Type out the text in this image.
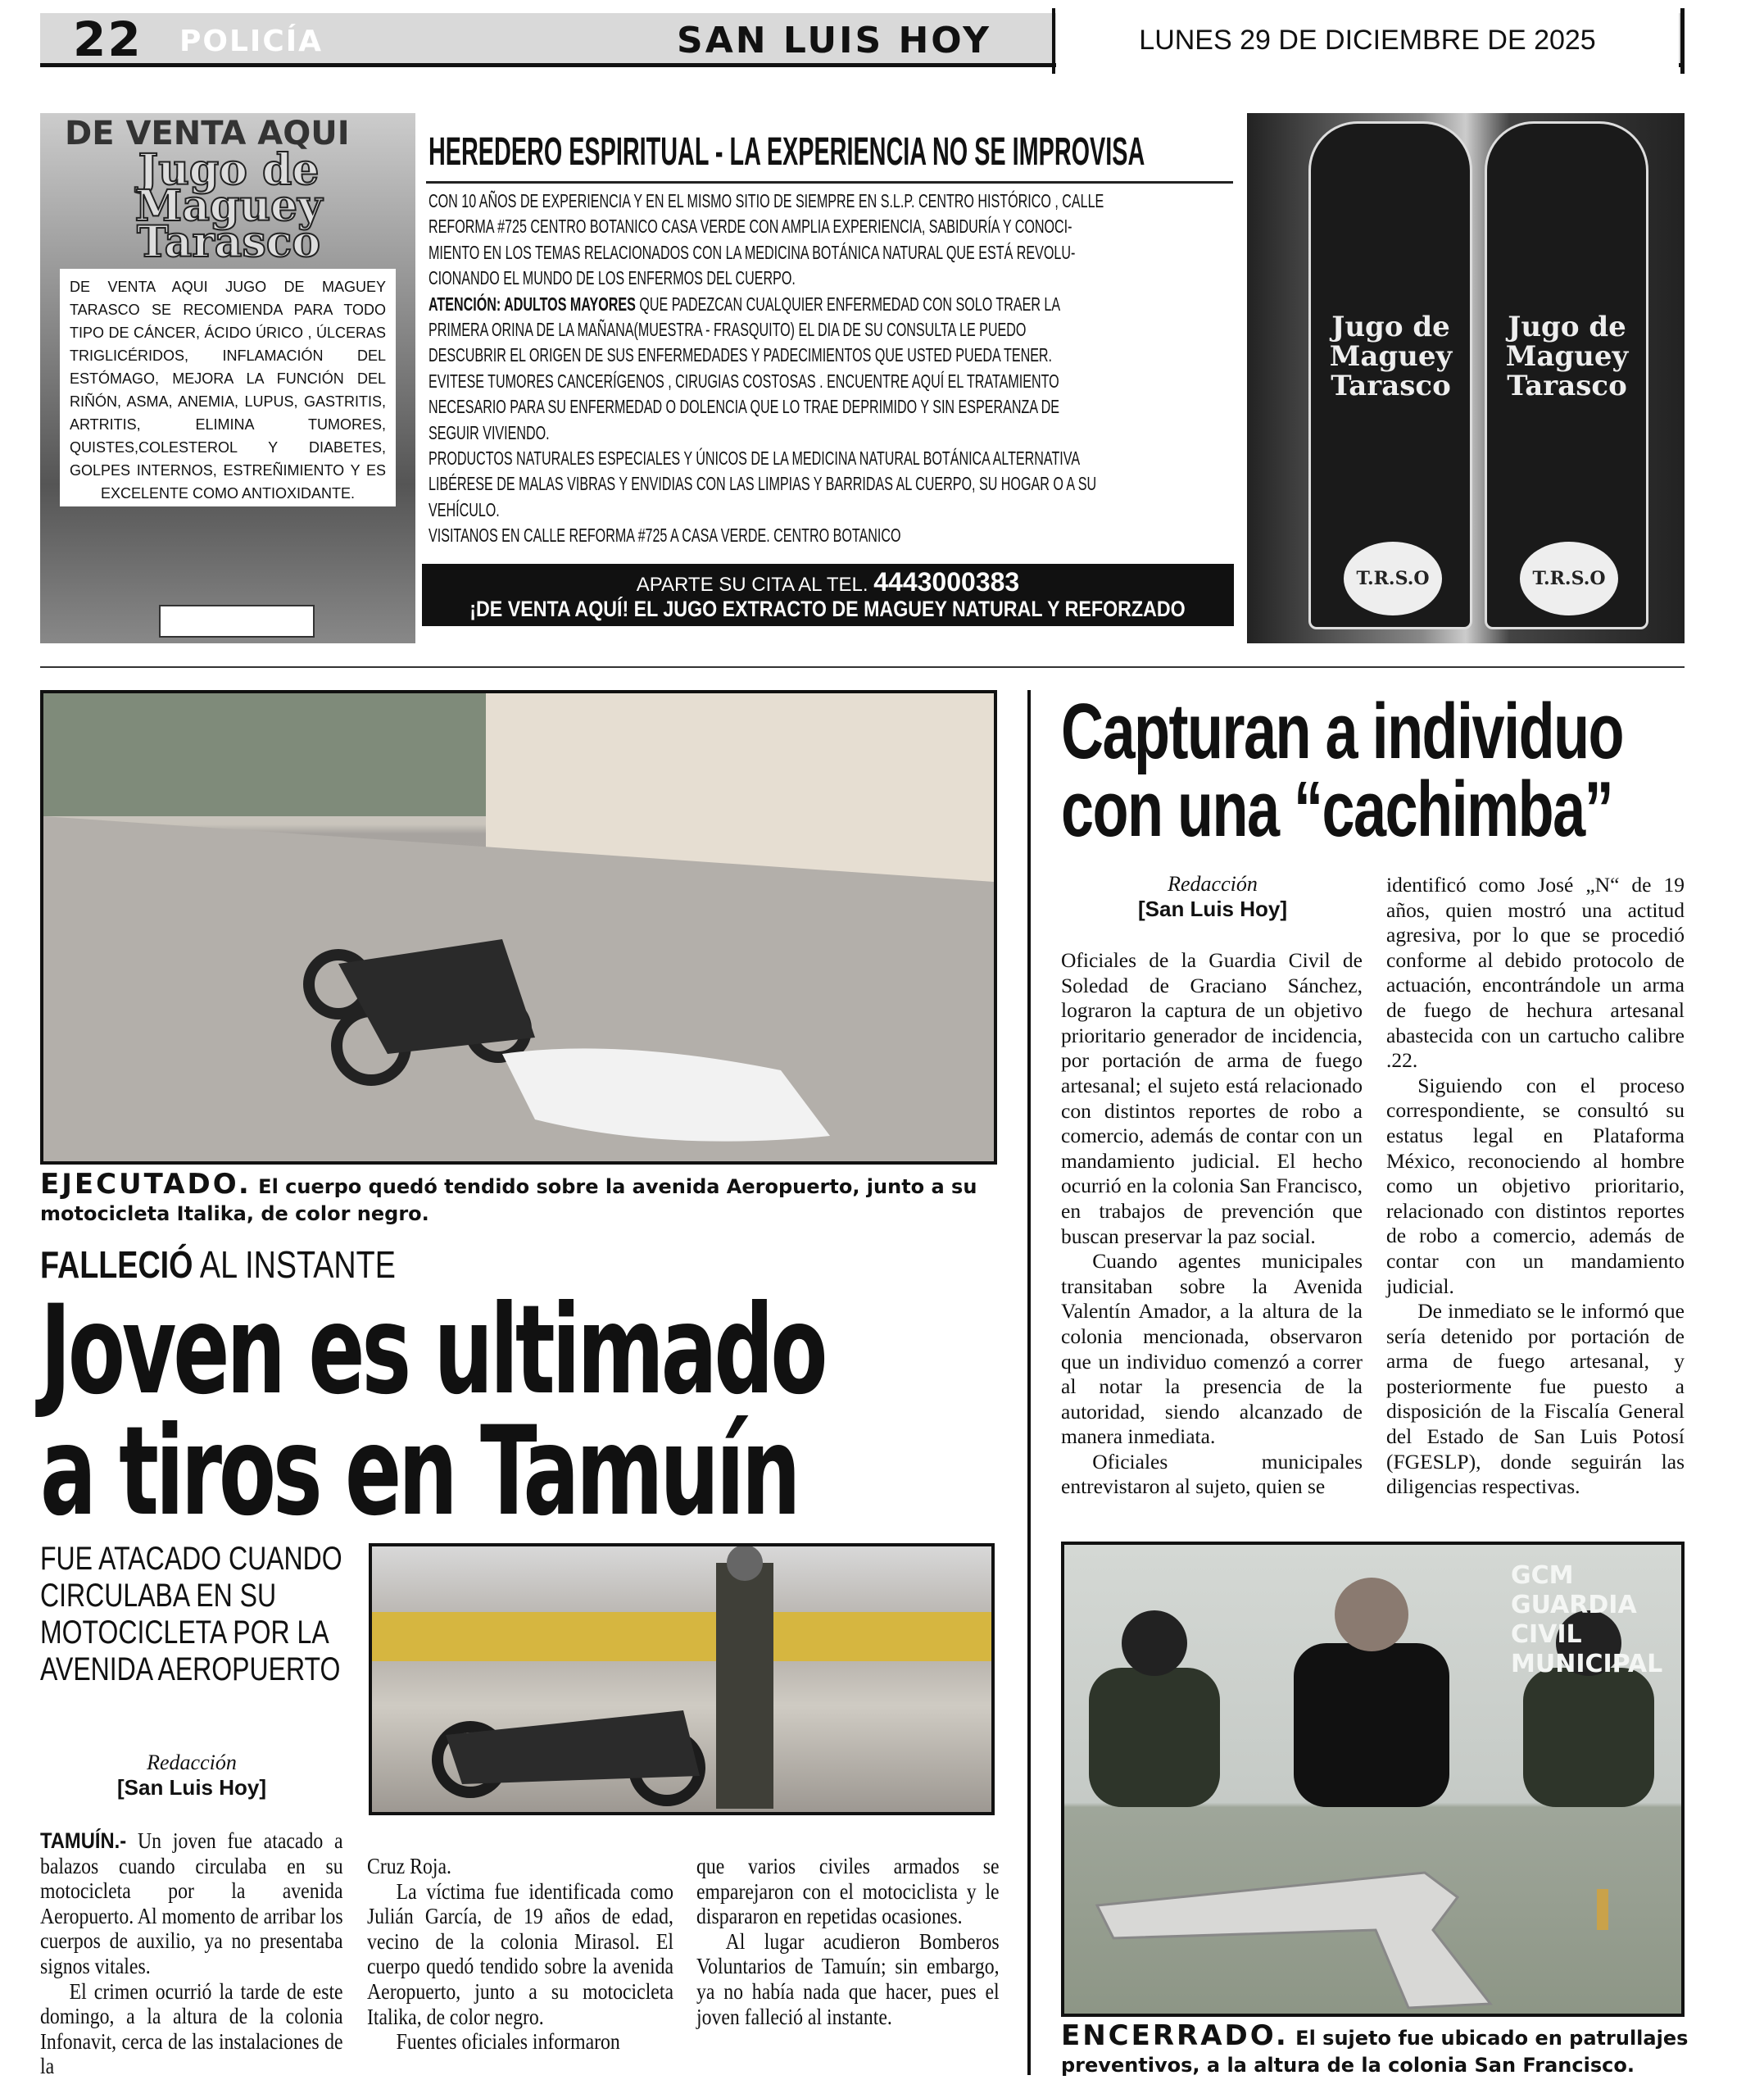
22 POLICÍA	SAN LUIS HOY	LUNES 29 DE DICIEMBRE DE 2025
DE VENTA AQUI
Jugo de Maguey Tarasco
DE VENTA AQUI JUGO DE MAGUEY TARASCO SE RECOMIENDA PARA TODO TIPO DE CÁNCER, ÁCIDO ÚRICO , ÚLCERAS TRIGLICÉRIDOS, INFLAMACIÓN DEL ESTÓMAGO, MEJORA LA FUNCIÓN DEL RIÑÓN, ASMA, ANEMIA, LUPUS, GASTRITIS, ARTRITIS, ELIMINA TUMORES, QUISTES,COLESTEROL Y DIABETES, GOLPES INTERNOS, ESTREÑIMIENTO Y ES EXCELENTE COMO ANTIOXIDANTE.
HEREDERO ESPIRITUAL - LA EXPERIENCIA NO SE IMPROVISA

CON 10 AÑOS DE EXPERIENCIA Y EN EL MISMO SITIO DE SIEMPRE EN S.L.P. CENTRO HISTÓRICO , CALLE

REFORMA #725 CENTRO BOTANICO CASA VERDE CON AMPLIA EXPERIENCIA, SABIDURÍA Y CONOCI-

MIENTO EN LOS TEMAS RELACIONADOS CON LA MEDICINA BOTÁNICA NATURAL QUE ESTÁ REVOLU-

CIONANDO EL MUNDO DE LOS ENFERMOS DEL CUERPO.

ATENCIÓN: ADULTOS MAYORES QUE PADEZCAN CUALQUIER ENFERMEDAD CON SOLO TRAER LA

PRIMERA ORINA DE LA MAÑANA(MUESTRA - FRASQUITO) EL DIA DE SU CONSULTA LE PUEDO

DESCUBRIR EL ORIGEN DE SUS ENFERMEDADES Y PADECIMIENTOS QUE USTED PUEDA TENER.

EVITESE TUMORES CANCERÍGENOS , CIRUGIAS COSTOSAS . ENCUENTRE AQUÍ EL TRATAMIENTO

NECESARIO PARA SU ENFERMEDAD O DOLENCIA QUE LO TRAE DEPRIMIDO Y SIN ESPERANZA DE

SEGUIR VIVIENDO.

PRODUCTOS NATURALES ESPECIALES Y ÚNICOS DE LA MEDICINA NATURAL BOTÁNICA ALTERNATIVA

LIBÉRESE DE MALAS VIBRAS Y ENVIDIAS CON LAS LIMPIAS Y BARRIDAS AL CUERPO, SU HOGAR O A SU

VEHÍCULO.

VISITANOS EN CALLE REFORMA #725 A CASA VERDE. CENTRO BOTANICO

APARTE SU CITA AL TEL. 4443000383
¡DE VENTA AQUÍ! EL JUGO EXTRACTO DE MAGUEY NATURAL Y REFORZADO
Jugo de Maguey Tarasco
T.R.S.O
Jugo de Maguey Tarasco
T.R.S.O
EJECUTADO. El cuerpo quedó tendido sobre la avenida Aeropuerto, junto a su motocicleta Italika, de color negro.
FALLECIÓ AL INSTANTE
Joven es ultimado a tiros en Tamuín
FUE ATACADO CUANDO CIRCULABA EN SU MOTOCICLETA POR LA AVENIDA AEROPUERTO
Redacción
[San Luis Hoy]

TAMUÍN.- Un joven fue atacado a balazos cuando circulaba en su motocicleta por la avenida Aeropuerto. Al momento de arribar los cuerpos de auxilio, ya no presentaba signos vitales.

El crimen ocurrió la tarde de este domingo, a la altura de la colonia Infonavit, cerca de las instalaciones de la

Cruz Roja.

La víctima fue identificada como Julián García, de 19 años de edad, vecino de la colonia Mirasol. El cuerpo quedó tendido sobre la avenida Aeropuerto, junto a su motocicleta Italika, de color negro.

Fuentes oficiales informaron

que varios civiles armados se emparejaron con el motociclista y le dispararon en repetidas ocasiones.

Al lugar acudieron Bomberos Voluntarios de Tamuín; sin embargo, ya no había nada que hacer, pues el joven falleció al instante.

Capturan a individuo con una “cachimba”
Redacción
[San Luis Hoy]

Oficiales de la Guardia Civil de Soledad de Graciano Sánchez, lograron la captura de un objetivo prioritario generador de incidencia, por portación de arma de fuego artesanal; el sujeto está relacionado con distintos reportes de robo a comercio, además de contar con un mandamiento judicial. El hecho ocurrió en la colonia San Francisco, en trabajos de prevención que buscan preservar la paz social.

Cuando agentes municipales transitaban sobre la Avenida Valentín Amador, a la altura de la colonia mencionada, observaron que un individuo comenzó a correr al notar la presencia de la autoridad, siendo alcanzado de manera inmediata.

Oficiales municipales entrevistaron al sujeto, quien se

identificó como José „N“ de 19 años, quien mostró una actitud agresiva, por lo que se procedió conforme al debido protocolo de actuación, encontrándole un arma de fuego de hechura artesanal abastecida con un cartucho calibre .22.

Siguiendo con el proceso correspondiente, se consultó su estatus legal en Plataforma México, reconociendo al hombre como un objetivo prioritario, relacionado con distintos reportes de robo a comercio, además de contar con un mandamiento judicial.

De inmediato se le informó que sería detenido por portación de arma de fuego artesanal, y posteriormente fue puesto a disposición de la Fiscalía General del Estado de San Luis Potosí (FGESLP), donde seguirán las diligencias respectivas.

GCM GUARDIA CIVIL MUNICIPAL
ENCERRADO. El sujeto fue ubicado en patrullajes preventivos, a la altura de la colonia San Francisco.
